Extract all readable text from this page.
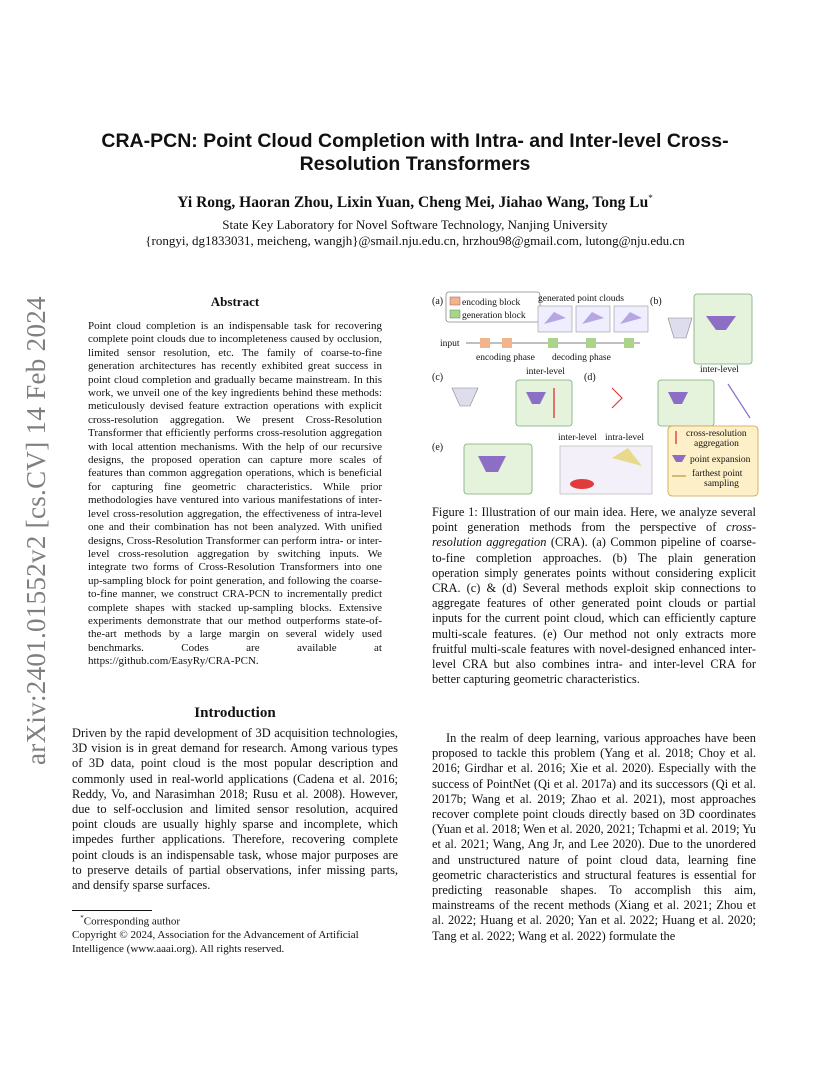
arXiv:2401.01552v2 [cs.CV] 14 Feb 2024
CRA-PCN: Point Cloud Completion with Intra- and Inter-level Cross-Resolution Transformers
Yi Rong, Haoran Zhou, Lixin Yuan, Cheng Mei, Jiahao Wang, Tong Lu*
State Key Laboratory for Novel Software Technology, Nanjing University
{rongyi, dg1833031, meicheng, wangjh}@smail.nju.edu.cn, hrzhou98@gmail.com, lutong@nju.edu.cn
Abstract
Point cloud completion is an indispensable task for recovering complete point clouds due to incompleteness caused by occlusion, limited sensor resolution, etc. The family of coarse-to-fine generation architectures has recently exhibited great success in point cloud completion and gradually became mainstream. In this work, we unveil one of the key ingredients behind these methods: meticulously devised feature extraction operations with explicit cross-resolution aggregation. We present Cross-Resolution Transformer that efficiently performs cross-resolution aggregation with local attention mechanisms. With the help of our recursive designs, the proposed operation can capture more scales of features than common aggregation operations, which is beneficial for capturing fine geometric characteristics. While prior methodologies have ventured into various manifestations of inter-level cross-resolution aggregation, the effectiveness of intra-level one and their combination has not been analyzed. With unified designs, Cross-Resolution Transformer can perform intra- or inter-level cross-resolution aggregation by switching inputs. We integrate two forms of Cross-Resolution Transformers into one up-sampling block for point generation, and following the coarse-to-fine manner, we construct CRA-PCN to incrementally predict complete shapes with stacked up-sampling blocks. Extensive experiments demonstrate that our method outperforms state-of-the-art methods by a large margin on several widely used benchmarks. Codes are available at https://github.com/EasyRy/CRA-PCN.
Introduction
Driven by the rapid development of 3D acquisition technologies, 3D vision is in great demand for research. Among various types of 3D data, point cloud is the most popular description and commonly used in real-world applications (Cadena et al. 2016; Reddy, Vo, and Narasimhan 2018; Rusu et al. 2008). However, due to self-occlusion and limited sensor resolution, acquired point clouds are usually highly sparse and incomplete, which impedes further applications. Therefore, recovering complete point clouds is an indispensable task, whose major purposes are to preserve details of partial observations, infer missing parts, and densify sparse surfaces.
*Corresponding author
Copyright © 2024, Association for the Advancement of Artificial Intelligence (www.aaai.org). All rights reserved.
(a) encoding block
generation block
generated point clouds
input
encoding phase decoding phase
(b)
(c)	inter-level (d)
inter-level
(e)
inter-level intra-level	cross-resolution
aggregation
point expansion
farthest point
sampling
Figure 1: Illustration of our main idea. Here, we analyze several point generation methods from the perspective of cross-resolution aggregation (CRA). (a) Common pipeline of coarse-to-fine completion approaches. (b) The plain generation operation simply generates points without considering explicit CRA. (c) & (d) Several methods exploit skip connections to aggregate features of other generated point clouds or partial inputs for the current point cloud, which can efficiently capture multi-scale features. (e) Our method not only extracts more fruitful multi-scale features with novel-designed enhanced inter-level CRA but also combines intra- and inter-level CRA for better capturing geometric characteristics.
In the realm of deep learning, various approaches have been proposed to tackle this problem (Yang et al. 2018; Choy et al. 2016; Girdhar et al. 2016; Xie et al. 2020). Especially with the success of PointNet (Qi et al. 2017a) and its successors (Qi et al. 2017b; Wang et al. 2019; Zhao et al. 2021), most approaches recover complete point clouds directly based on 3D coordinates (Yuan et al. 2018; Wen et al. 2020, 2021; Tchapmi et al. 2019; Yu et al. 2021; Wang, Ang Jr, and Lee 2020). Due to the unordered and unstructured nature of point cloud data, learning fine geometric characteristics and structural features is essential for predicting reasonable shapes. To accomplish this aim, mainstreams of the recent methods (Xiang et al. 2021; Zhou et al. 2022; Huang et al. 2020; Yan et al. 2022; Huang et al. 2020; Tang et al. 2022; Wang et al. 2022) formulate the
